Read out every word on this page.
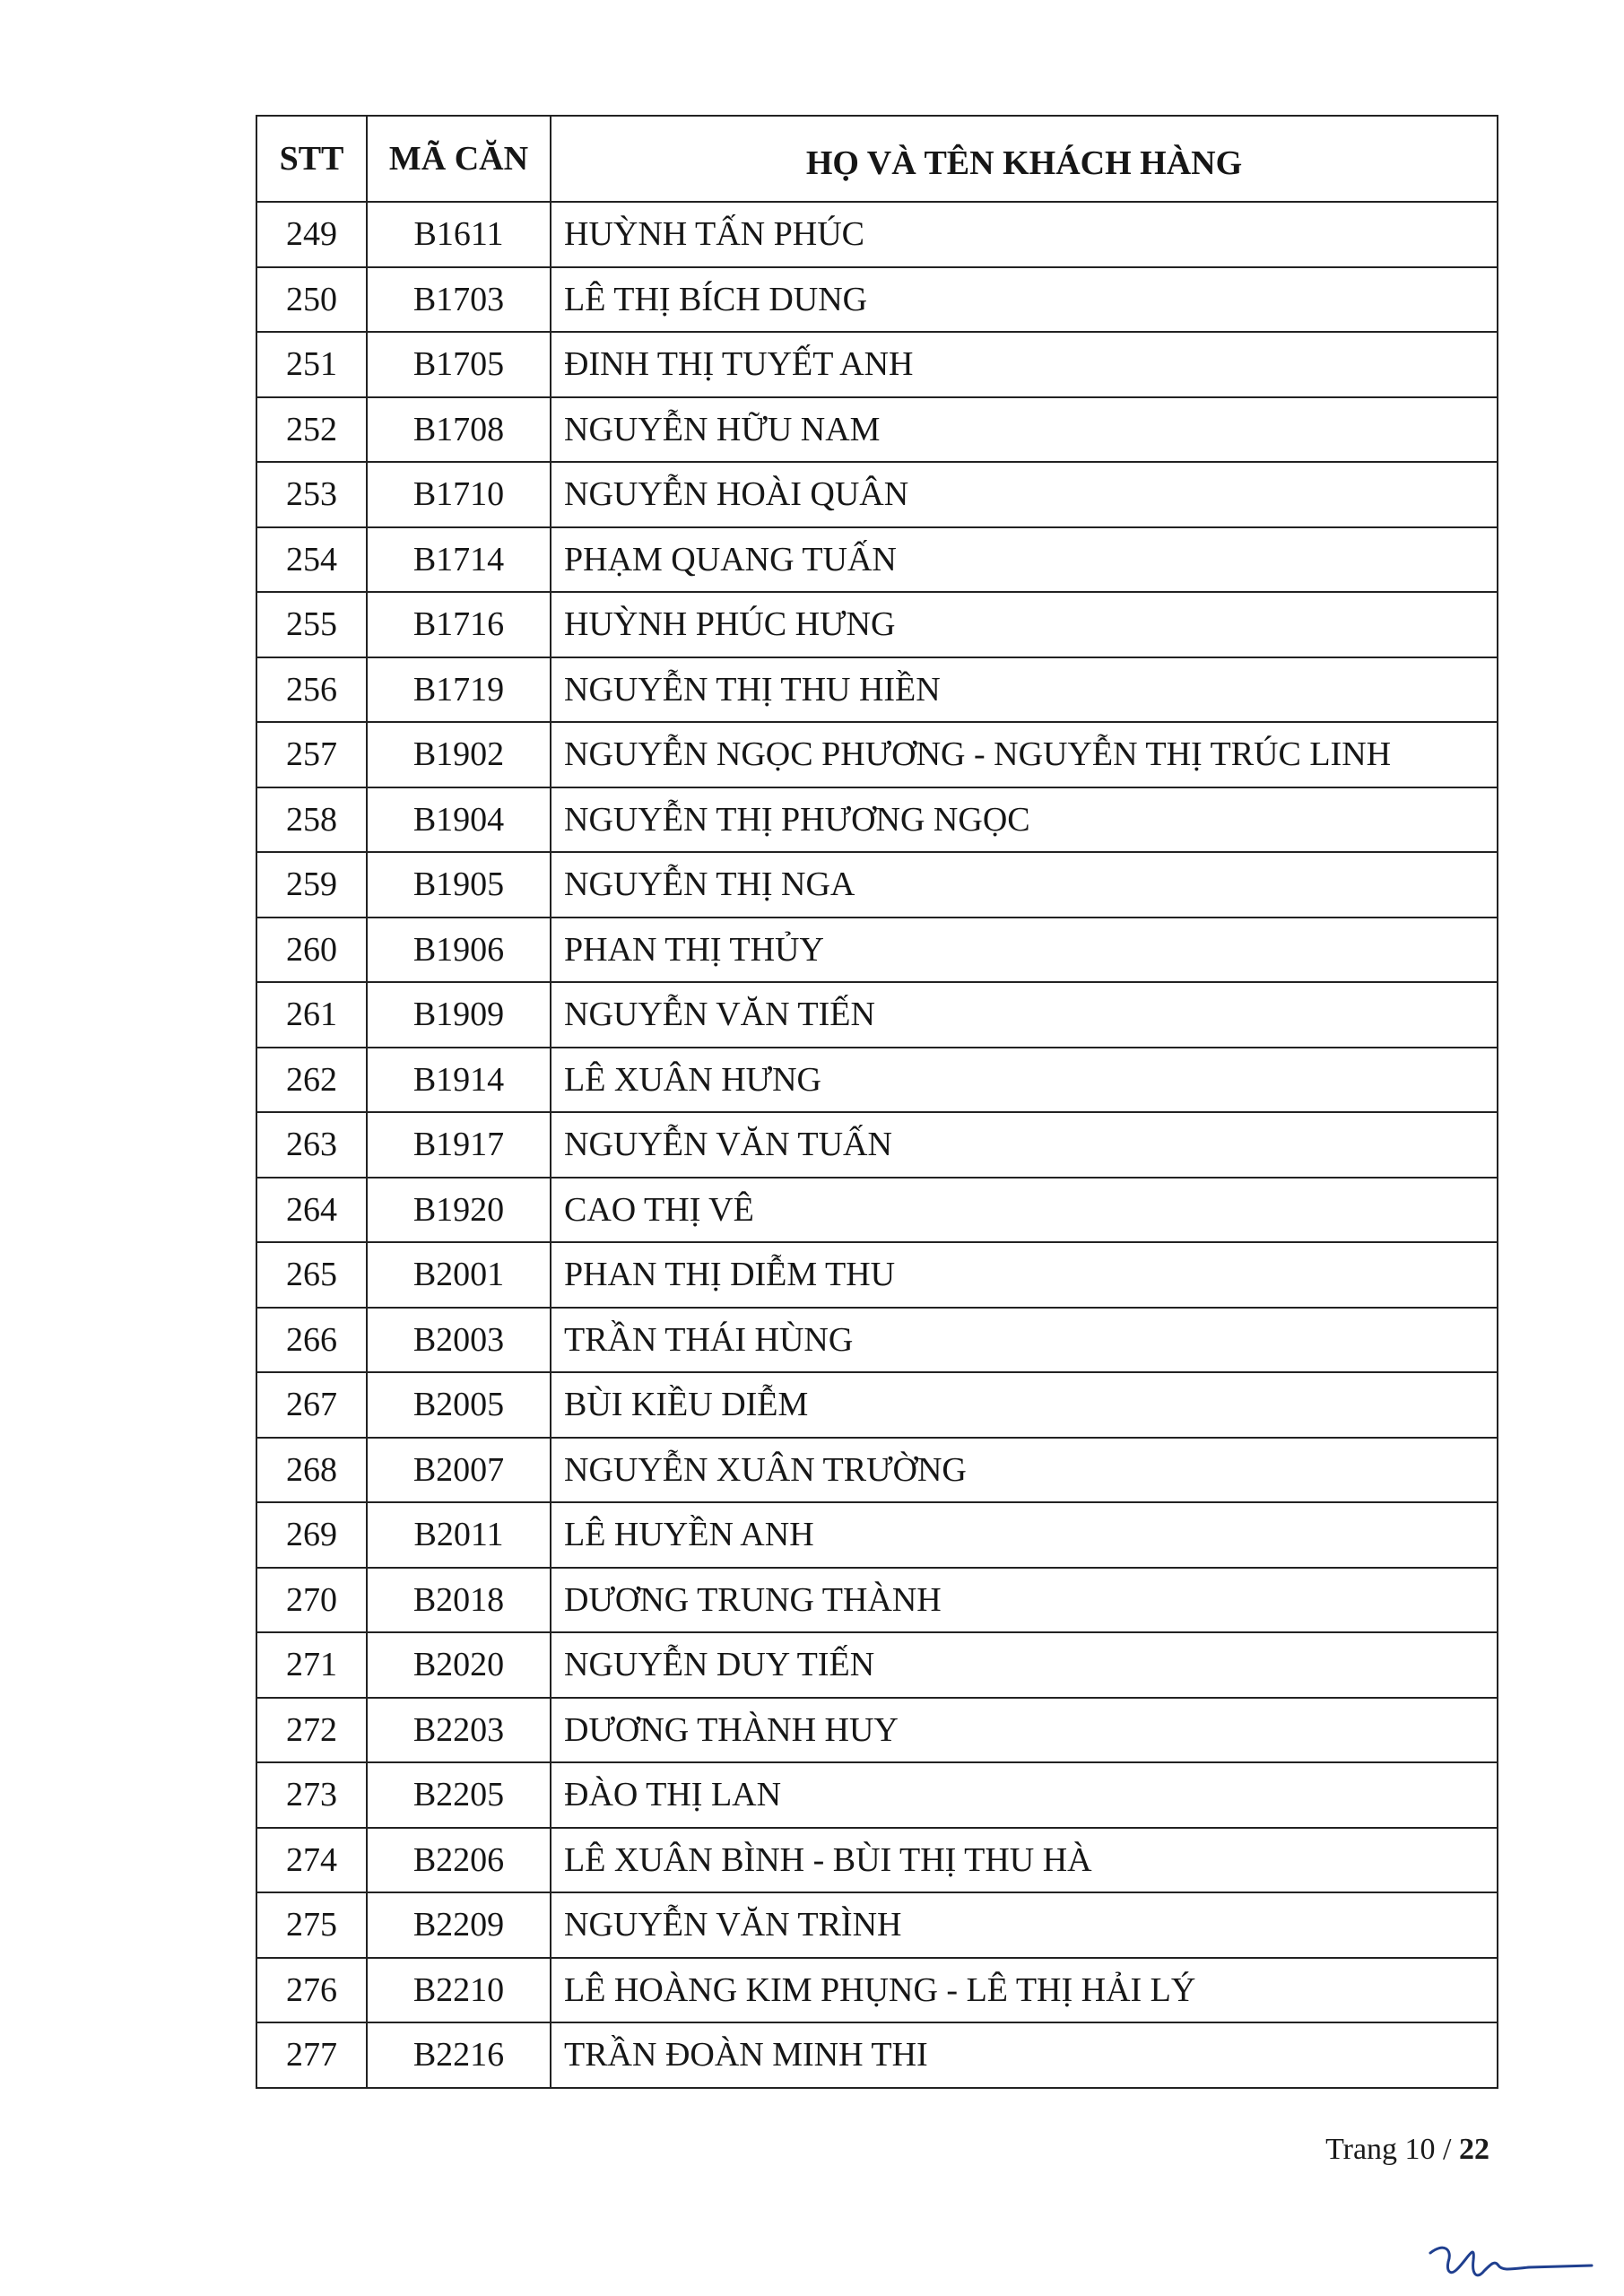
STT	MÃ CĂN	HỌ VÀ TÊN KHÁCH HÀNG
249	B1611	HUỲNH TẤN PHÚC
250	B1703	LÊ THỊ BÍCH DUNG
251	B1705	ĐINH THỊ TUYẾT ANH
252	B1708	NGUYỄN HỮU NAM
253	B1710	NGUYỄN HOÀI QUÂN
254	B1714	PHẠM QUANG TUẤN
255	B1716	HUỲNH PHÚC HƯNG
256	B1719	NGUYỄN THỊ THU HIỀN
257	B1902	NGUYỄN NGỌC PHƯƠNG - NGUYỄN THỊ TRÚC LINH
258	B1904	NGUYỄN THỊ PHƯƠNG NGỌC
259	B1905	NGUYỄN THỊ NGA
260	B1906	PHAN THỊ THỦY
261	B1909	NGUYỄN VĂN TIẾN
262	B1914	LÊ XUÂN HƯNG
263	B1917	NGUYỄN VĂN TUẤN
264	B1920	CAO THỊ VÊ
265	B2001	PHAN THỊ DIỄM THU
266	B2003	TRẦN THÁI HÙNG
267	B2005	BÙI KIỀU DIỄM
268	B2007	NGUYỄN XUÂN TRƯỜNG
269	B2011	LÊ HUYỀN ANH
270	B2018	DƯƠNG TRUNG THÀNH
271	B2020	NGUYỄN DUY TIẾN
272	B2203	DƯƠNG THÀNH HUY
273	B2205	ĐÀO THỊ LAN
274	B2206	LÊ XUÂN BÌNH - BÙI THỊ THU HÀ
275	B2209	NGUYỄN VĂN TRÌNH
276	B2210	LÊ HOÀNG KIM PHỤNG - LÊ THỊ HẢI LÝ
277	B2216	TRẦN ĐOÀN MINH THI
Trang 10 / 22
